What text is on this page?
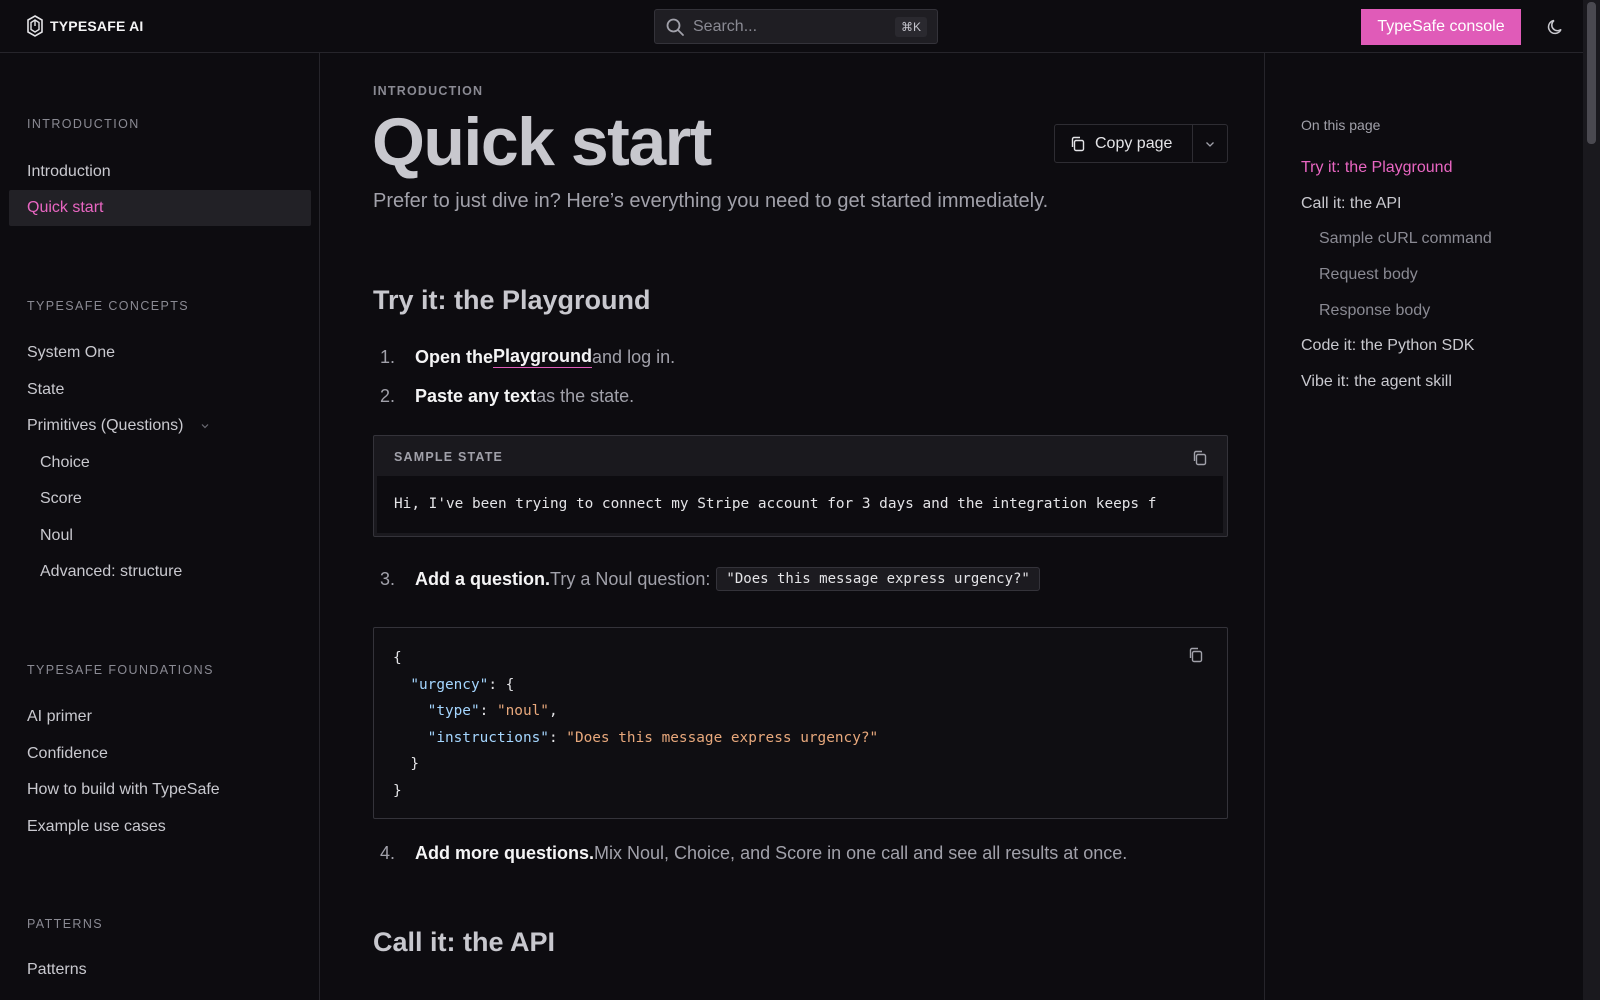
TYPESAFE AI	Search...	⌘K	TypeSafe console
INTRODUCTION
Introduction
Quick start
TYPESAFE CONCEPTS
System One
State
Primitives (Questions)
Choice
Score
Noul
Advanced: structure
TYPESAFE FOUNDATIONS
AI primer
Confidence
How to build with TypeSafe
Example use cases
PATTERNS
Patterns
INTRODUCTION
Quick start	Copy page
Prefer to just dive in? Here’s everything you need to get started immediately.
Try it: the Playground
1.	Open the Playground and log in.
2.	Paste any text as the state.
SAMPLE STATE
Hi, I've been trying to connect my Stripe account for 3 days and the integration keeps f
3.	Add a question. Try a Noul question:	"Does this message express urgency?"
{
"urgency": {
"type": "noul",
"instructions": "Does this message express urgency?"
}
}
4.	Add more questions. Mix Noul, Choice, and Score in one call and see all results at once.
Call it: the API
On this page
Try it: the Playground
Call it: the API
Sample cURL command
Request body
Response body
Code it: the Python SDK
Vibe it: the agent skill
